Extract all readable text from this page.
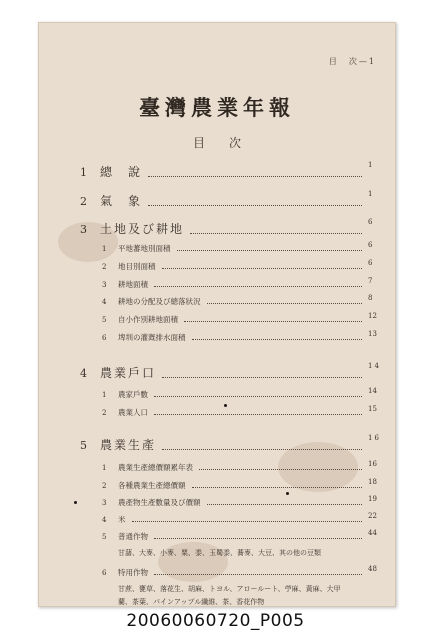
目　次—1
臺灣農業年報
目次
1 總　說	1
2 氣　象	1
3 土地及び耕地	6
1 平地蕃地別面積	6
2 地目別面積	6
3 耕地面積	7
4 耕地の分配及び總落狀況	8
5 自小作別耕地面積	12
6 埤圳の灌漑排水面積	13
4 農業戶口	14
1 農家戶數	14
2 農業人口	15
5 農業生產	16
1 農業生產總價額累年表	16
2 各種農業生產總價額	18
3 農產物生產數量及び價額	19
4 米	22
5 普通作物	44
甘藷、大麥、小麥、粟、黍、玉蜀黍、蕎麥、大豆、其の他の豆類
6 特用作物	48
甘蔗、甕草、落花生、胡麻、トヨル、アロールート、苧麻、黃麻、大甲
藺、茶葉、パインアップル纖維、茶、香花作物
20060060720_P005
